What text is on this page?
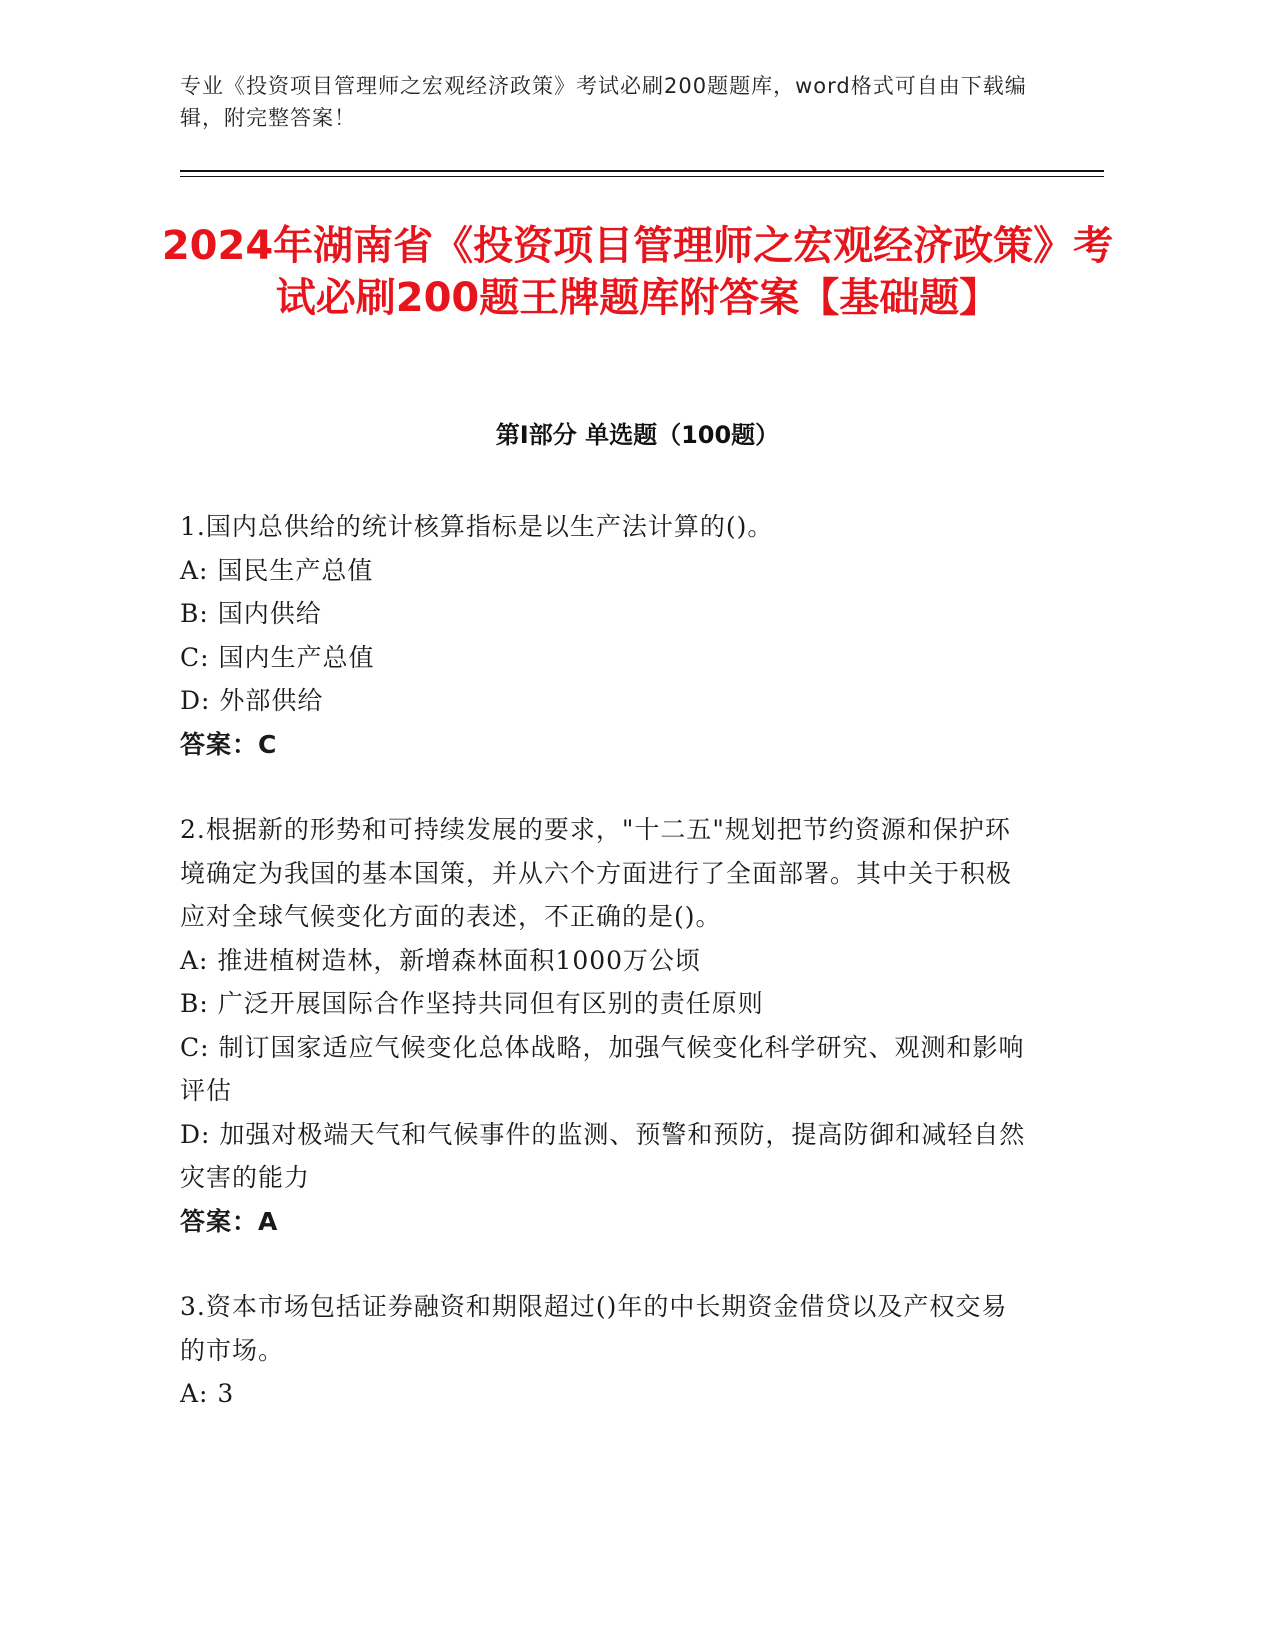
专业《投资项目管理师之宏观经济政策》考试必刷200题题库，word格式可自由下载编辑，附完整答案！
2024年湖南省《投资项目管理师之宏观经济政策》考试必刷200题王牌题库附答案【基础题】
第Ⅰ部分 单选题（100题）

1.国内总供给的统计核算指标是以生产法计算的()。

A: 国民生产总值

B: 国内供给

C: 国内生产总值

D: 外部供给

答案：C

2.根据新的形势和可持续发展的要求，"十二五"规划把节约资源和保护环境确定为我国的基本国策，并从六个方面进行了全面部署。其中关于积极应对全球气候变化方面的表述，不正确的是()。

A: 推进植树造林，新增森林面积1000万公顷

B: 广泛开展国际合作坚持共同但有区别的责任原则

C: 制订国家适应气候变化总体战略，加强气候变化科学研究、观测和影响评估

D: 加强对极端天气和气候事件的监测、预警和预防，提高防御和减轻自然灾害的能力

答案：A

3.资本市场包括证券融资和期限超过()年的中长期资金借贷以及产权交易的市场。

A: 3
